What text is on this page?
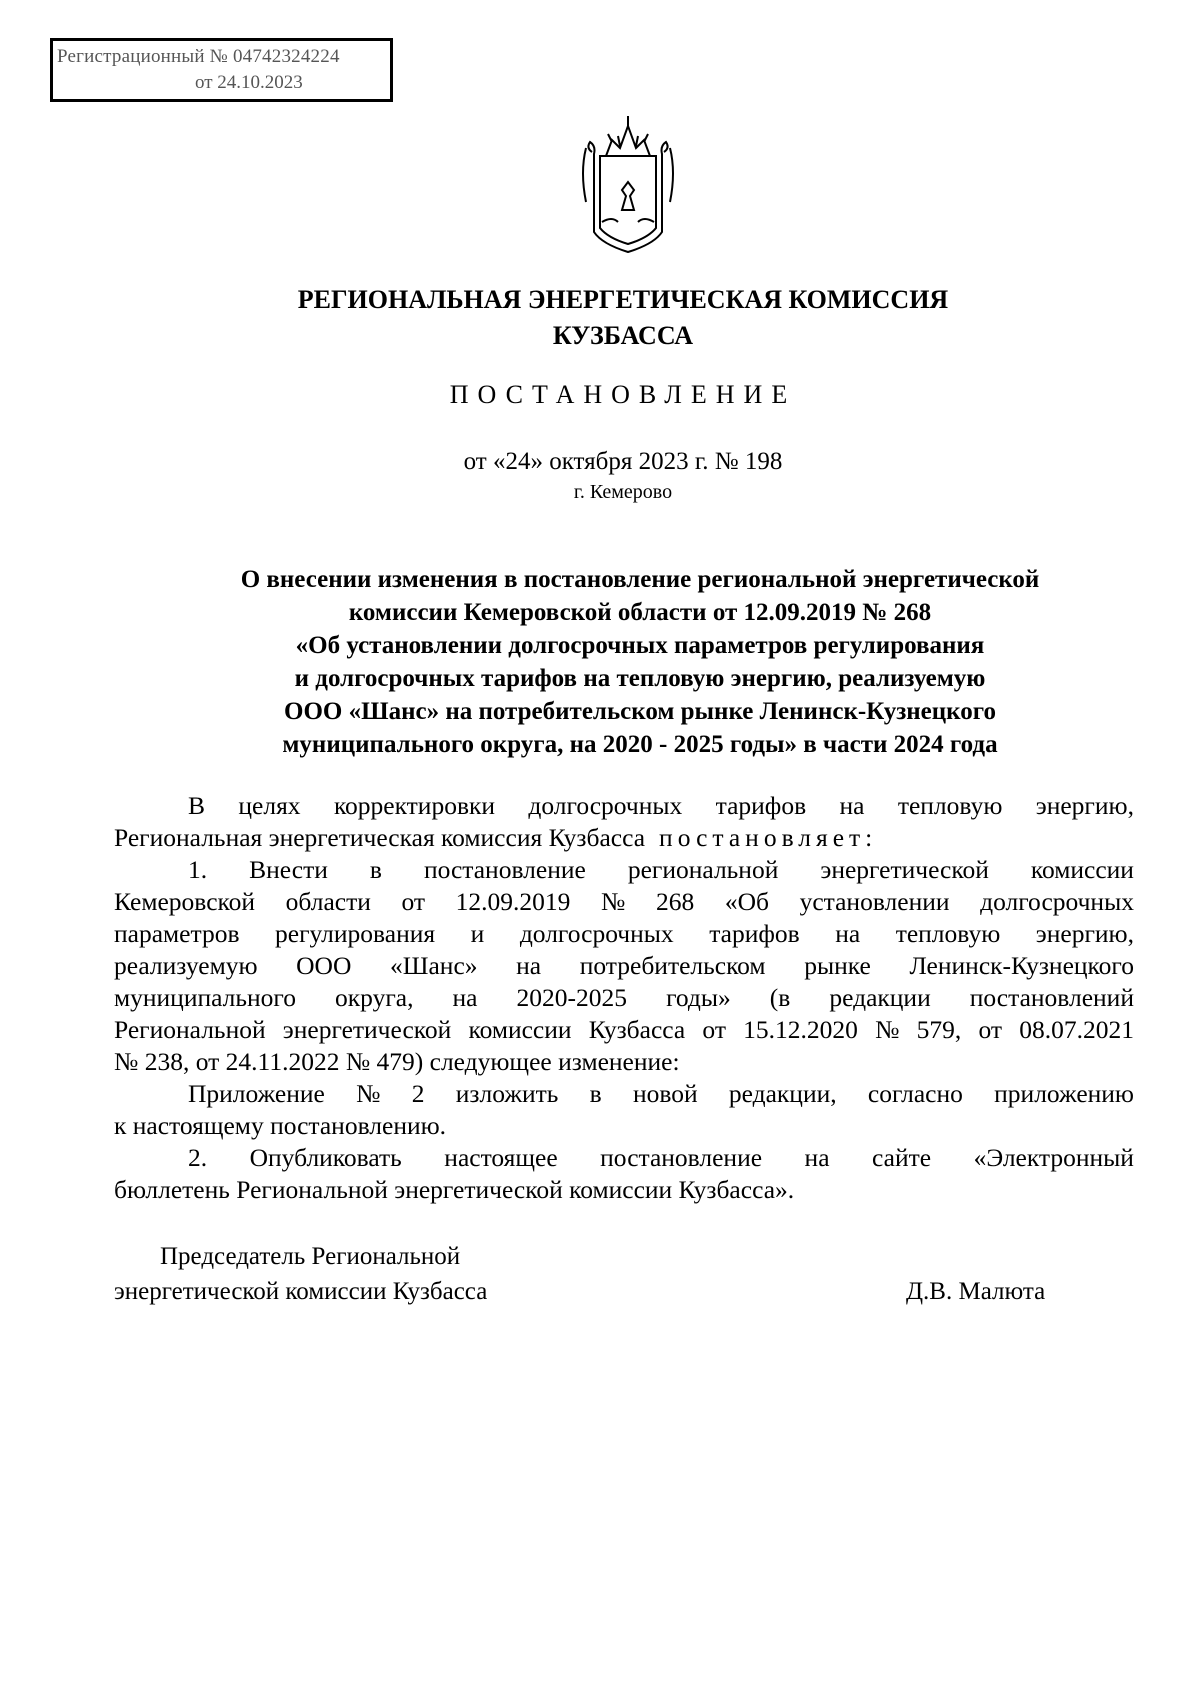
Регистрационный № 04742324224
от 24.10.2023
РЕГИОНАЛЬНАЯ ЭНЕРГЕТИЧЕСКАЯ КОМИССИЯ
КУЗБАССА
ПОСТАНОВЛЕНИЕ
от «24» октября 2023 г. № 198
г. Кемерово
О внесении изменения в постановление региональной энергетической
комиссии Кемеровской области от 12.09.2019 № 268
«Об установлении долгосрочных параметров регулирования
и долгосрочных тарифов на тепловую энергию, реализуемую
ООО «Шанс» на потребительском рынке Ленинск-Кузнецкого
муниципального округа, на 2020 - 2025 годы» в части 2024 года
В целях корректировки долгосрочных тарифов на тепловую энергию,
Региональная энергетическая комиссия Кузбасса постановляет:
1. Внести в постановление региональной энергетической комиссии
Кемеровской области от 12.09.2019 № 268 «Об установлении долгосрочных
параметров регулирования и долгосрочных тарифов на тепловую энергию,
реализуемую ООО «Шанс» на потребительском рынке Ленинск-Кузнецкого
муниципального округа, на 2020-2025 годы» (в редакции постановлений
Региональной энергетической комиссии Кузбасса от 15.12.2020 № 579, от 08.07.2021
№ 238, от 24.11.2022 № 479) следующее изменение:
Приложение № 2 изложить в новой редакции, согласно приложению
к настоящему постановлению.
2. Опубликовать настоящее постановление на сайте «Электронный
бюллетень Региональной энергетической комиссии Кузбасса».
Председатель Региональной
энергетической комиссии Кузбасса	Д.В. Малюта
